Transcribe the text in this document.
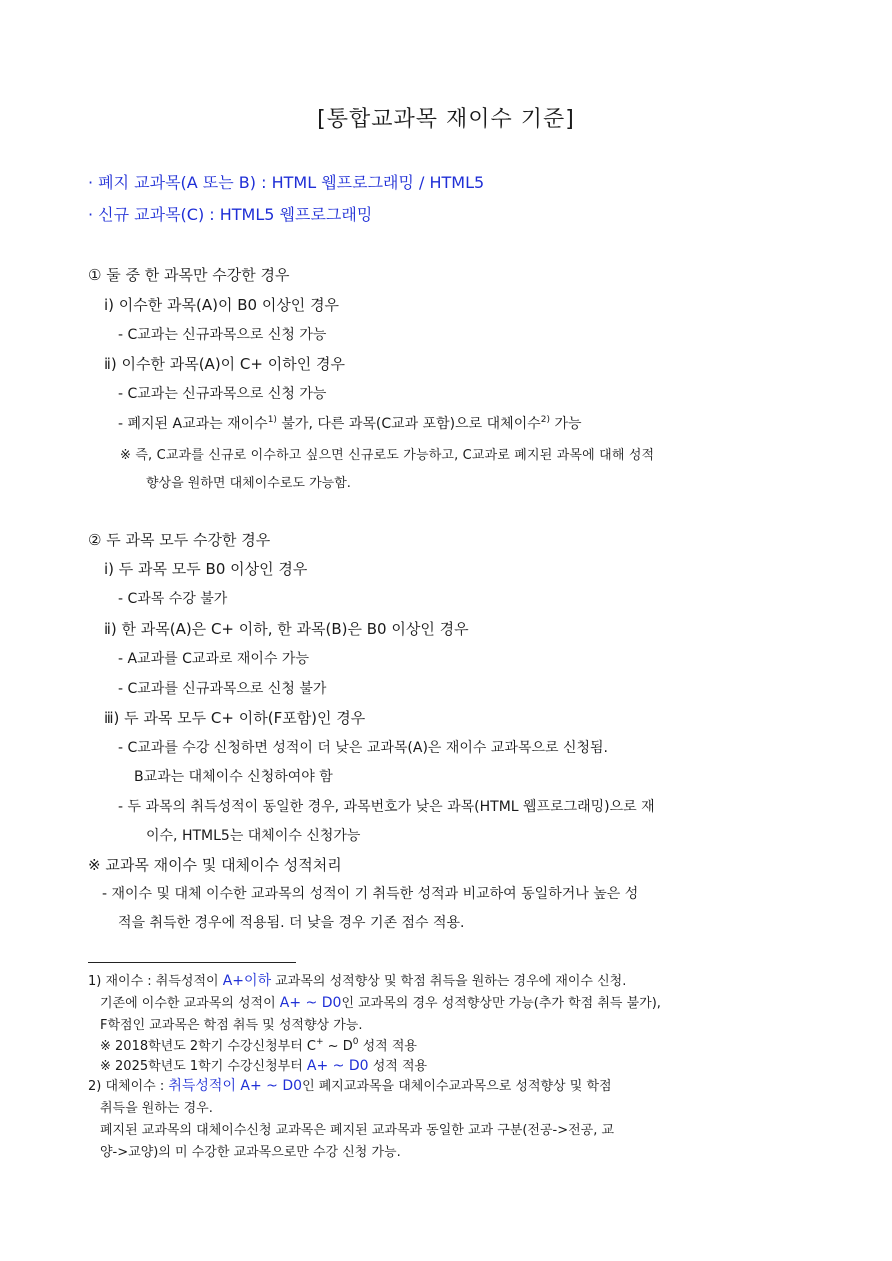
[통합교과목 재이수 기준]
· 폐지 교과목(A 또는 B) : HTML 웹프로그래밍 / HTML5
· 신규 교과목(C) : HTML5 웹프로그래밍
① 둘 중 한 과목만 수강한 경우
ⅰ) 이수한 과목(A)이 B0 이상인 경우
- C교과는 신규과목으로 신청 가능
ⅱ) 이수한 과목(A)이 C+ 이하인 경우
- C교과는 신규과목으로 신청 가능
- 폐지된 A교과는 재이수$^{1)}$ 불가, 다른 과목(C교과 포함)으로 대체이수$^{2)}$ 가능
※ 즉, C교과를 신규로 이수하고 싶으면 신규로도 가능하고, C교과로 폐지된 과목에 대해 성적
향상을 원하면 대체이수로도 가능함.
② 두 과목 모두 수강한 경우
ⅰ) 두 과목 모두 B0 이상인 경우
- C과목 수강 불가
ⅱ) 한 과목(A)은 C+ 이하, 한 과목(B)은 B0 이상인 경우
- A교과를 C교과로 재이수 가능
- C교과를 신규과목으로 신청 불가
ⅲ) 두 과목 모두 C+ 이하(F포함)인 경우
- C교과를 수강 신청하면 성적이 더 낮은 교과목(A)은 재이수 교과목으로 신청됨.
B교과는 대체이수 신청하여야 함
- 두 과목의 취득성적이 동일한 경우, 과목번호가 낮은 과목(HTML 웹프로그래밍)으로 재
이수, HTML5는 대체이수 신청가능
※ 교과목 재이수 및 대체이수 성적처리
- 재이수 및 대체 이수한 교과목의 성적이 기 취득한 성적과 비교하여 동일하거나 높은 성
적을 취득한 경우에 적용됨. 더 낮을 경우 기존 점수 적용.
1) 재이수 : 취득성적이 A+이하 교과목의 성적향상 및 학점 취득을 원하는 경우에 재이수 신청.
기존에 이수한 교과목의 성적이 A+ ~ D0인 교과목의 경우 성적향상만 가능(추가 학점 취득 불가),
F학점인 교과목은 학점 취득 및 성적향상 가능.
※ 2018학년도 2학기 수강신청부터 C+ ~ $D^0$ 성적 적용
※ 2025학년도 1학기 수강신청부터 A+ ~ D0 성적 적용
2) 대체이수 : 취득성적이 A+ ~ D0인 폐지교과목을 대체이수교과목으로 성적향상 및 학점
취득을 원하는 경우.
폐지된 교과목의 대체이수신청 교과목은 폐지된 교과목과 동일한 교과 구분(전공->전공, 교
양->교양)의 미 수강한 교과목으로만 수강 신청 가능.
